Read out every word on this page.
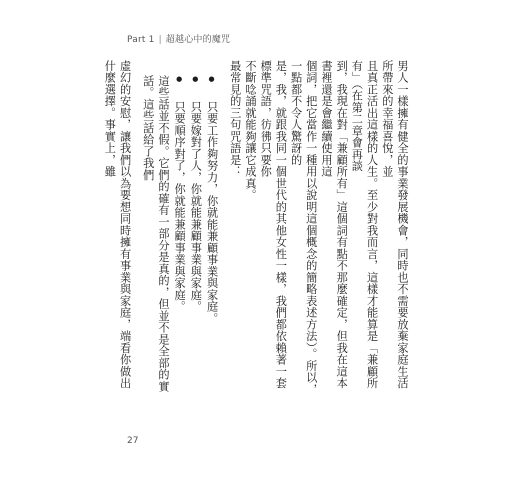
Part 1 | 超越心中的魔咒

男人一樣擁有健全的事業發展機會，同時也不需要放棄家庭生活所帶來的幸福喜悅，並

且真正活出這樣的人生。至少對我而言，這樣才能算是「兼顧所有」（在第二章會再談

到，我現在對「兼顧所有」這個詞有點不那麼確定，但我在這本書裡還是會繼續使用這

個詞，把它當作一種用以說明這個概念的簡略表述方法）。所以，一點都不令人驚訝的

是，我，就跟我同一個世代的其他女性一樣，我們都依賴著一套標準咒語，彷彿只要你

不斷唸誦就能夠讓它成真。

最常見的三句咒語是：

● 只要工作夠努力，你就能兼顧事業與家庭。

● 只要嫁對了人，你就能兼顧事業與家庭。

● 只要順序對了，你就能兼顧事業與家庭。

這些話並不假。它們的確有一部分是真的，但並不是全部的實話。這些話給了我們

虛幻的安慰，讓我們以為要想同時擁有事業與家庭，端看你做出什麼選擇。事實上，雖

27
